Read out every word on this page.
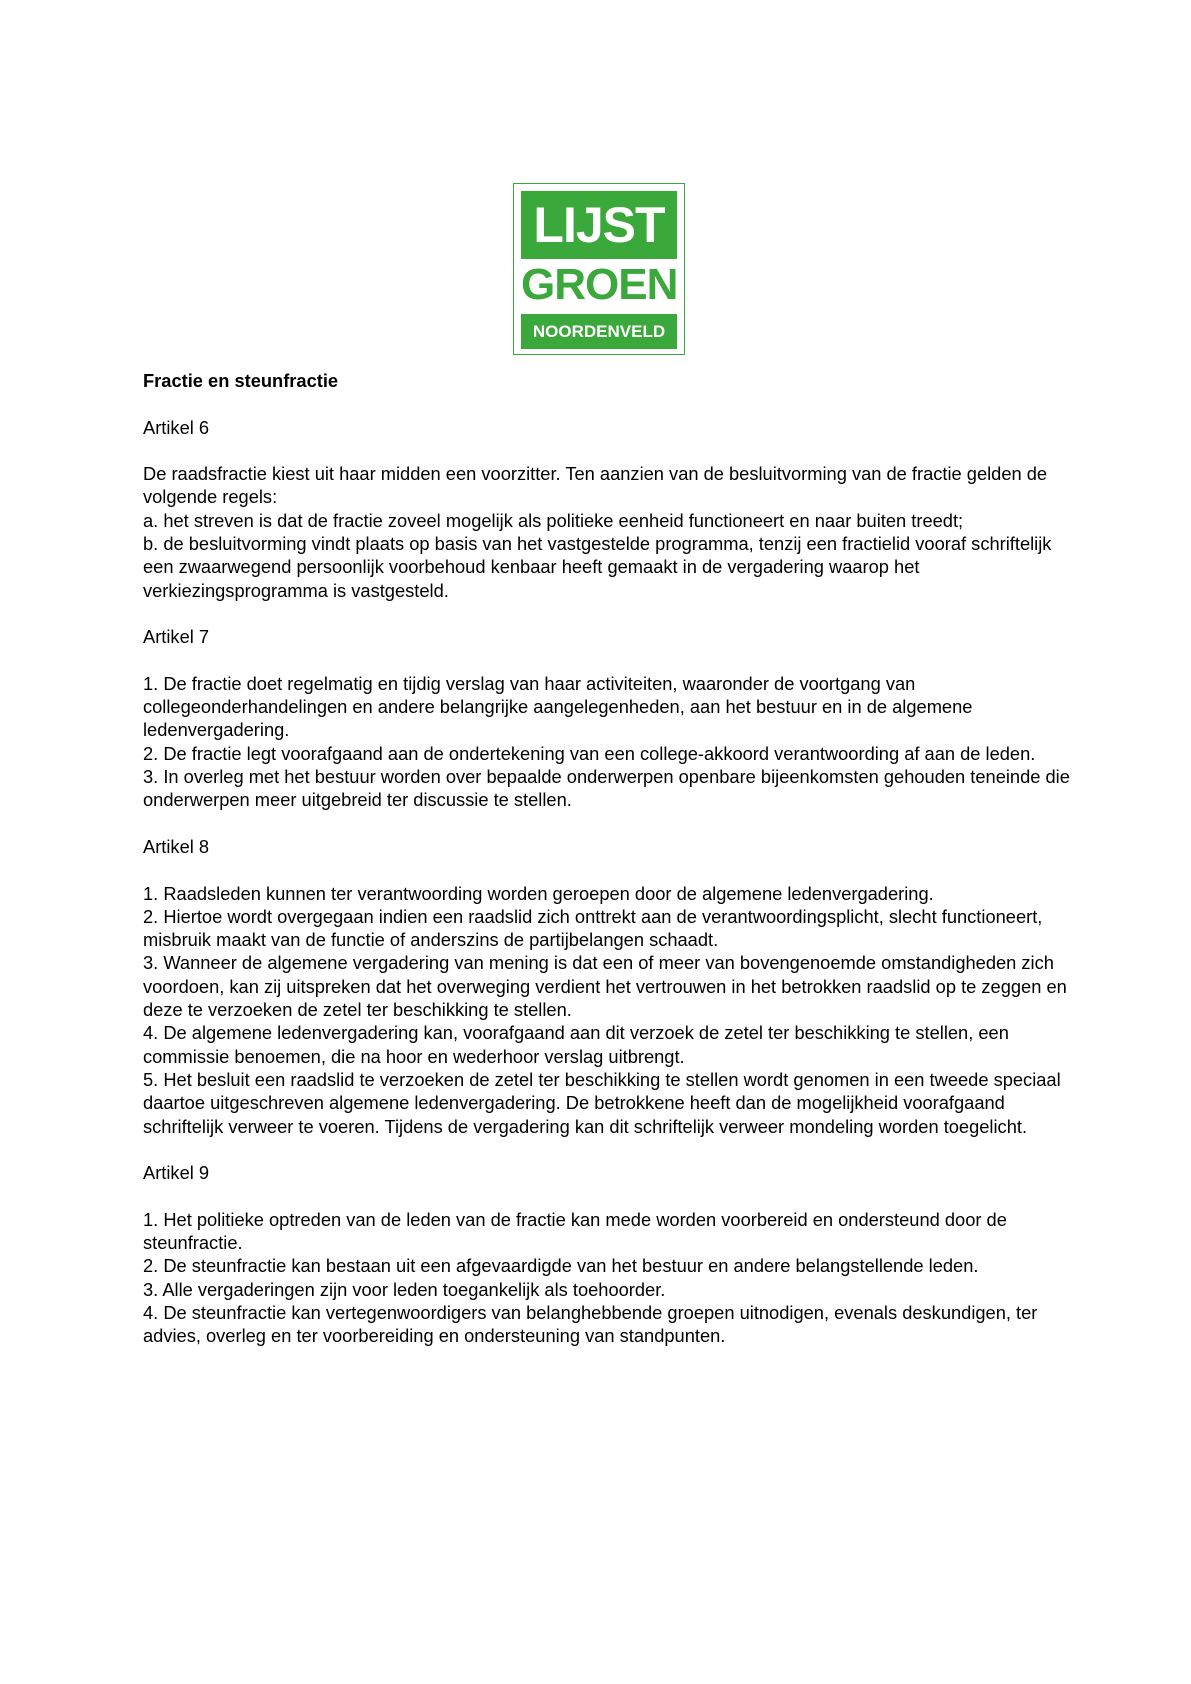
LIJST
GROEN
NOORDENVELD

Fractie en steunfractie

Artikel 6

De raadsfractie kiest uit haar midden een voorzitter. Ten aanzien van de besluitvorming van de fractie gelden de volgende regels:

a. het streven is dat de fractie zoveel mogelijk als politieke eenheid functioneert en naar buiten treedt;

b. de besluitvorming vindt plaats op basis van het vastgestelde programma, tenzij een fractielid vooraf schriftelijk een zwaarwegend persoonlijk voorbehoud kenbaar heeft gemaakt in de vergadering waarop het verkiezingsprogramma is vastgesteld.

Artikel 7

1. De fractie doet regelmatig en tijdig verslag van haar activiteiten, waaronder de voortgang van collegeonderhandelingen en andere belangrijke aangelegenheden, aan het bestuur en in de algemene ledenvergadering.

2. De fractie legt voorafgaand aan de ondertekening van een college-akkoord verantwoording af aan de leden.

3. In overleg met het bestuur worden over bepaalde onderwerpen openbare bijeenkomsten gehouden teneinde die onderwerpen meer uitgebreid ter discussie te stellen.

Artikel 8

1. Raadsleden kunnen ter verantwoording worden geroepen door de algemene ledenvergadering.

2. Hiertoe wordt overgegaan indien een raadslid zich onttrekt aan de verantwoordingsplicht, slecht functioneert, misbruik maakt van de functie of anderszins de partijbelangen schaadt.

3. Wanneer de algemene vergadering van mening is dat een of meer van bovengenoemde omstandigheden zich voordoen, kan zij uitspreken dat het overweging verdient het vertrouwen in het betrokken raadslid op te zeggen en deze te verzoeken de zetel ter beschikking te stellen.

4. De algemene ledenvergadering kan, voorafgaand aan dit verzoek de zetel ter beschikking te stellen, een commissie benoemen, die na hoor en wederhoor verslag uitbrengt.

5. Het besluit een raadslid te verzoeken de zetel ter beschikking te stellen wordt genomen in een tweede speciaal daartoe uitgeschreven algemene ledenvergadering. De betrokkene heeft dan de mogelijkheid voorafgaand schriftelijk verweer te voeren. Tijdens de vergadering kan dit schriftelijk verweer mondeling worden toegelicht.

Artikel 9

1. Het politieke optreden van de leden van de fractie kan mede worden voorbereid en ondersteund door de steunfractie.

2. De steunfractie kan bestaan uit een afgevaardigde van het bestuur en andere belangstellende leden.

3. Alle vergaderingen zijn voor leden toegankelijk als toehoorder.

4. De steunfractie kan vertegenwoordigers van belanghebbende groepen uitnodigen, evenals deskundigen, ter advies, overleg en ter voorbereiding en ondersteuning van standpunten.
